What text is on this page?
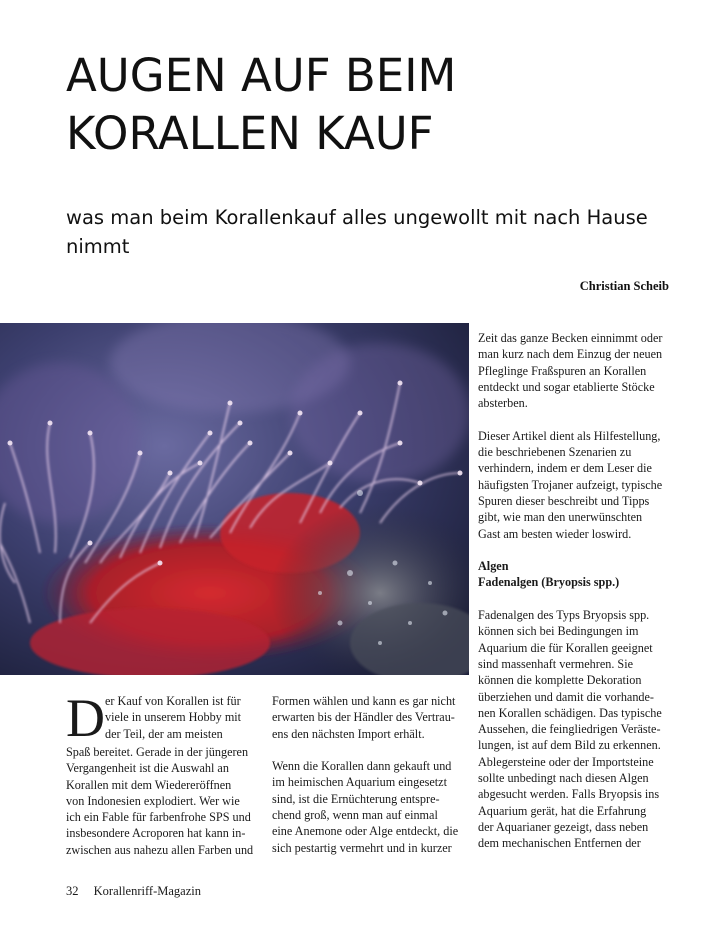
AUGEN AUF BEIM
KORALLEN KAUF
was man beim Korallenkauf alles ungewollt mit nach Hause nimmt
Christian Scheib
D er Kauf von Korallen ist für
viele in unserem Hobby mit
der Teil, der am meisten
Spaß bereitet. Gerade in der jüngeren
Vergangenheit ist die Auswahl an
Korallen mit dem Wiedereröffnen
von Indonesien explodiert. Wer wie
ich ein Fable für farbenfrohe SPS und
insbesondere Acroporen hat kann in-
zwischen aus nahezu allen Farben und

Formen wählen und kann es gar nicht
erwarten bis der Händler des Vertrau-
ens den nächsten Import erhält.

Wenn die Korallen dann gekauft und
im heimischen Aquarium eingesetzt
sind, ist die Ernüchterung entspre-
chend groß, wenn man auf einmal
eine Anemone oder Alge entdeckt, die
sich pestartig vermehrt und in kurzer

Zeit das ganze Becken einnimmt oder
man kurz nach dem Einzug der neuen
Pfleglinge Fraßspuren an Korallen
entdeckt und sogar etablierte Stöcke
absterben.

Dieser Artikel dient als Hilfestellung,
die beschriebenen Szenarien zu
verhindern, indem er dem Leser die
häufigsten Trojaner aufzeigt, typische
Spuren dieser beschreibt und Tipps
gibt, wie man den unerwünschten
Gast am besten wieder loswird.

Algen
Fadenalgen (Bryopsis spp.)

Fadenalgen des Typs Bryopsis spp.
können sich bei Bedingungen im
Aquarium die für Korallen geeignet
sind massenhaft vermehren. Sie
können die komplette Dekoration
überziehen und damit die vorhande-
nen Korallen schädigen. Das typische
Aussehen, die feingliedrigen Veräste-
lungen, ist auf dem Bild zu erkennen.
Ablegersteine oder der Importsteine
sollte unbedingt nach diesen Algen
abgesucht werden. Falls Bryopsis ins
Aquarium gerät, hat die Erfahrung
der Aquarianer gezeigt, dass neben
dem mechanischen Entfernen der

32 Korallenriff-Magazin
